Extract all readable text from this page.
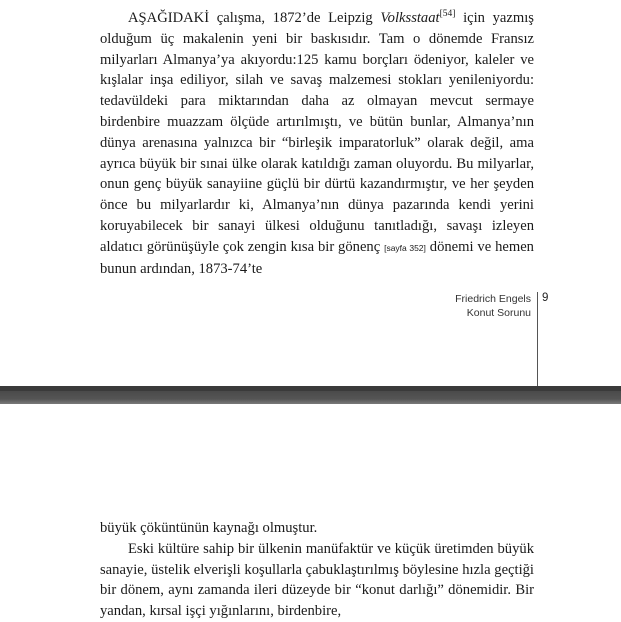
AŞAĞIDAKİ çalışma, 1872’de Leipzig Volksstaat[54] için yazmış olduğum üç makalenin yeni bir baskısıdır. Tam o dönemde Fransız milyarları Almanya’ya akıyordu:125 kamu borçları ödeniyor, kaleler ve kışlalar inşa ediliyor, silah ve savaş malzemesi stokları yenileniyordu: tedavüldeki para miktarından daha az olmayan mevcut sermaye birdenbire muazzam ölçüde artırılmıştı, ve bütün bunlar, Almanya’nın dünya arenasına yalnızca bir “birleşik imparatorluk” olarak değil, ama ayrıca büyük bir sınai ülke olarak katıldığı zaman oluyordu. Bu milyarlar, onun genç büyük sanayiine güçlü bir dürtü kazandırmıştır, ve her şeyden önce bu milyarlardır ki, Almanya’nın dünya pazarında kendi yerini koruyabilecek bir sanayi ülkesi olduğunu tanıtladığı, savaşı izleyen aldatıcı görünüşüyle çok zengin kısa bir gönenç [sayfa 352] dönemi ve hemen bunun ardından, 1873-74’te

Friedrich Engels
Konut Sorunu
9

büyük çöküntünün kaynağı olmuştur.

Eski kültüre sahip bir ülkenin manüfaktür ve küçük üretimden büyük sanayie, üstelik elverişli koşullarla çabuklaştırılmış böylesine hızla geçtiği bir dönem, aynı zamanda ileri düzeyde bir “konut darlığı” dönemidir. Bir yandan, kırsal işçi yığınlarını, birdenbire,
